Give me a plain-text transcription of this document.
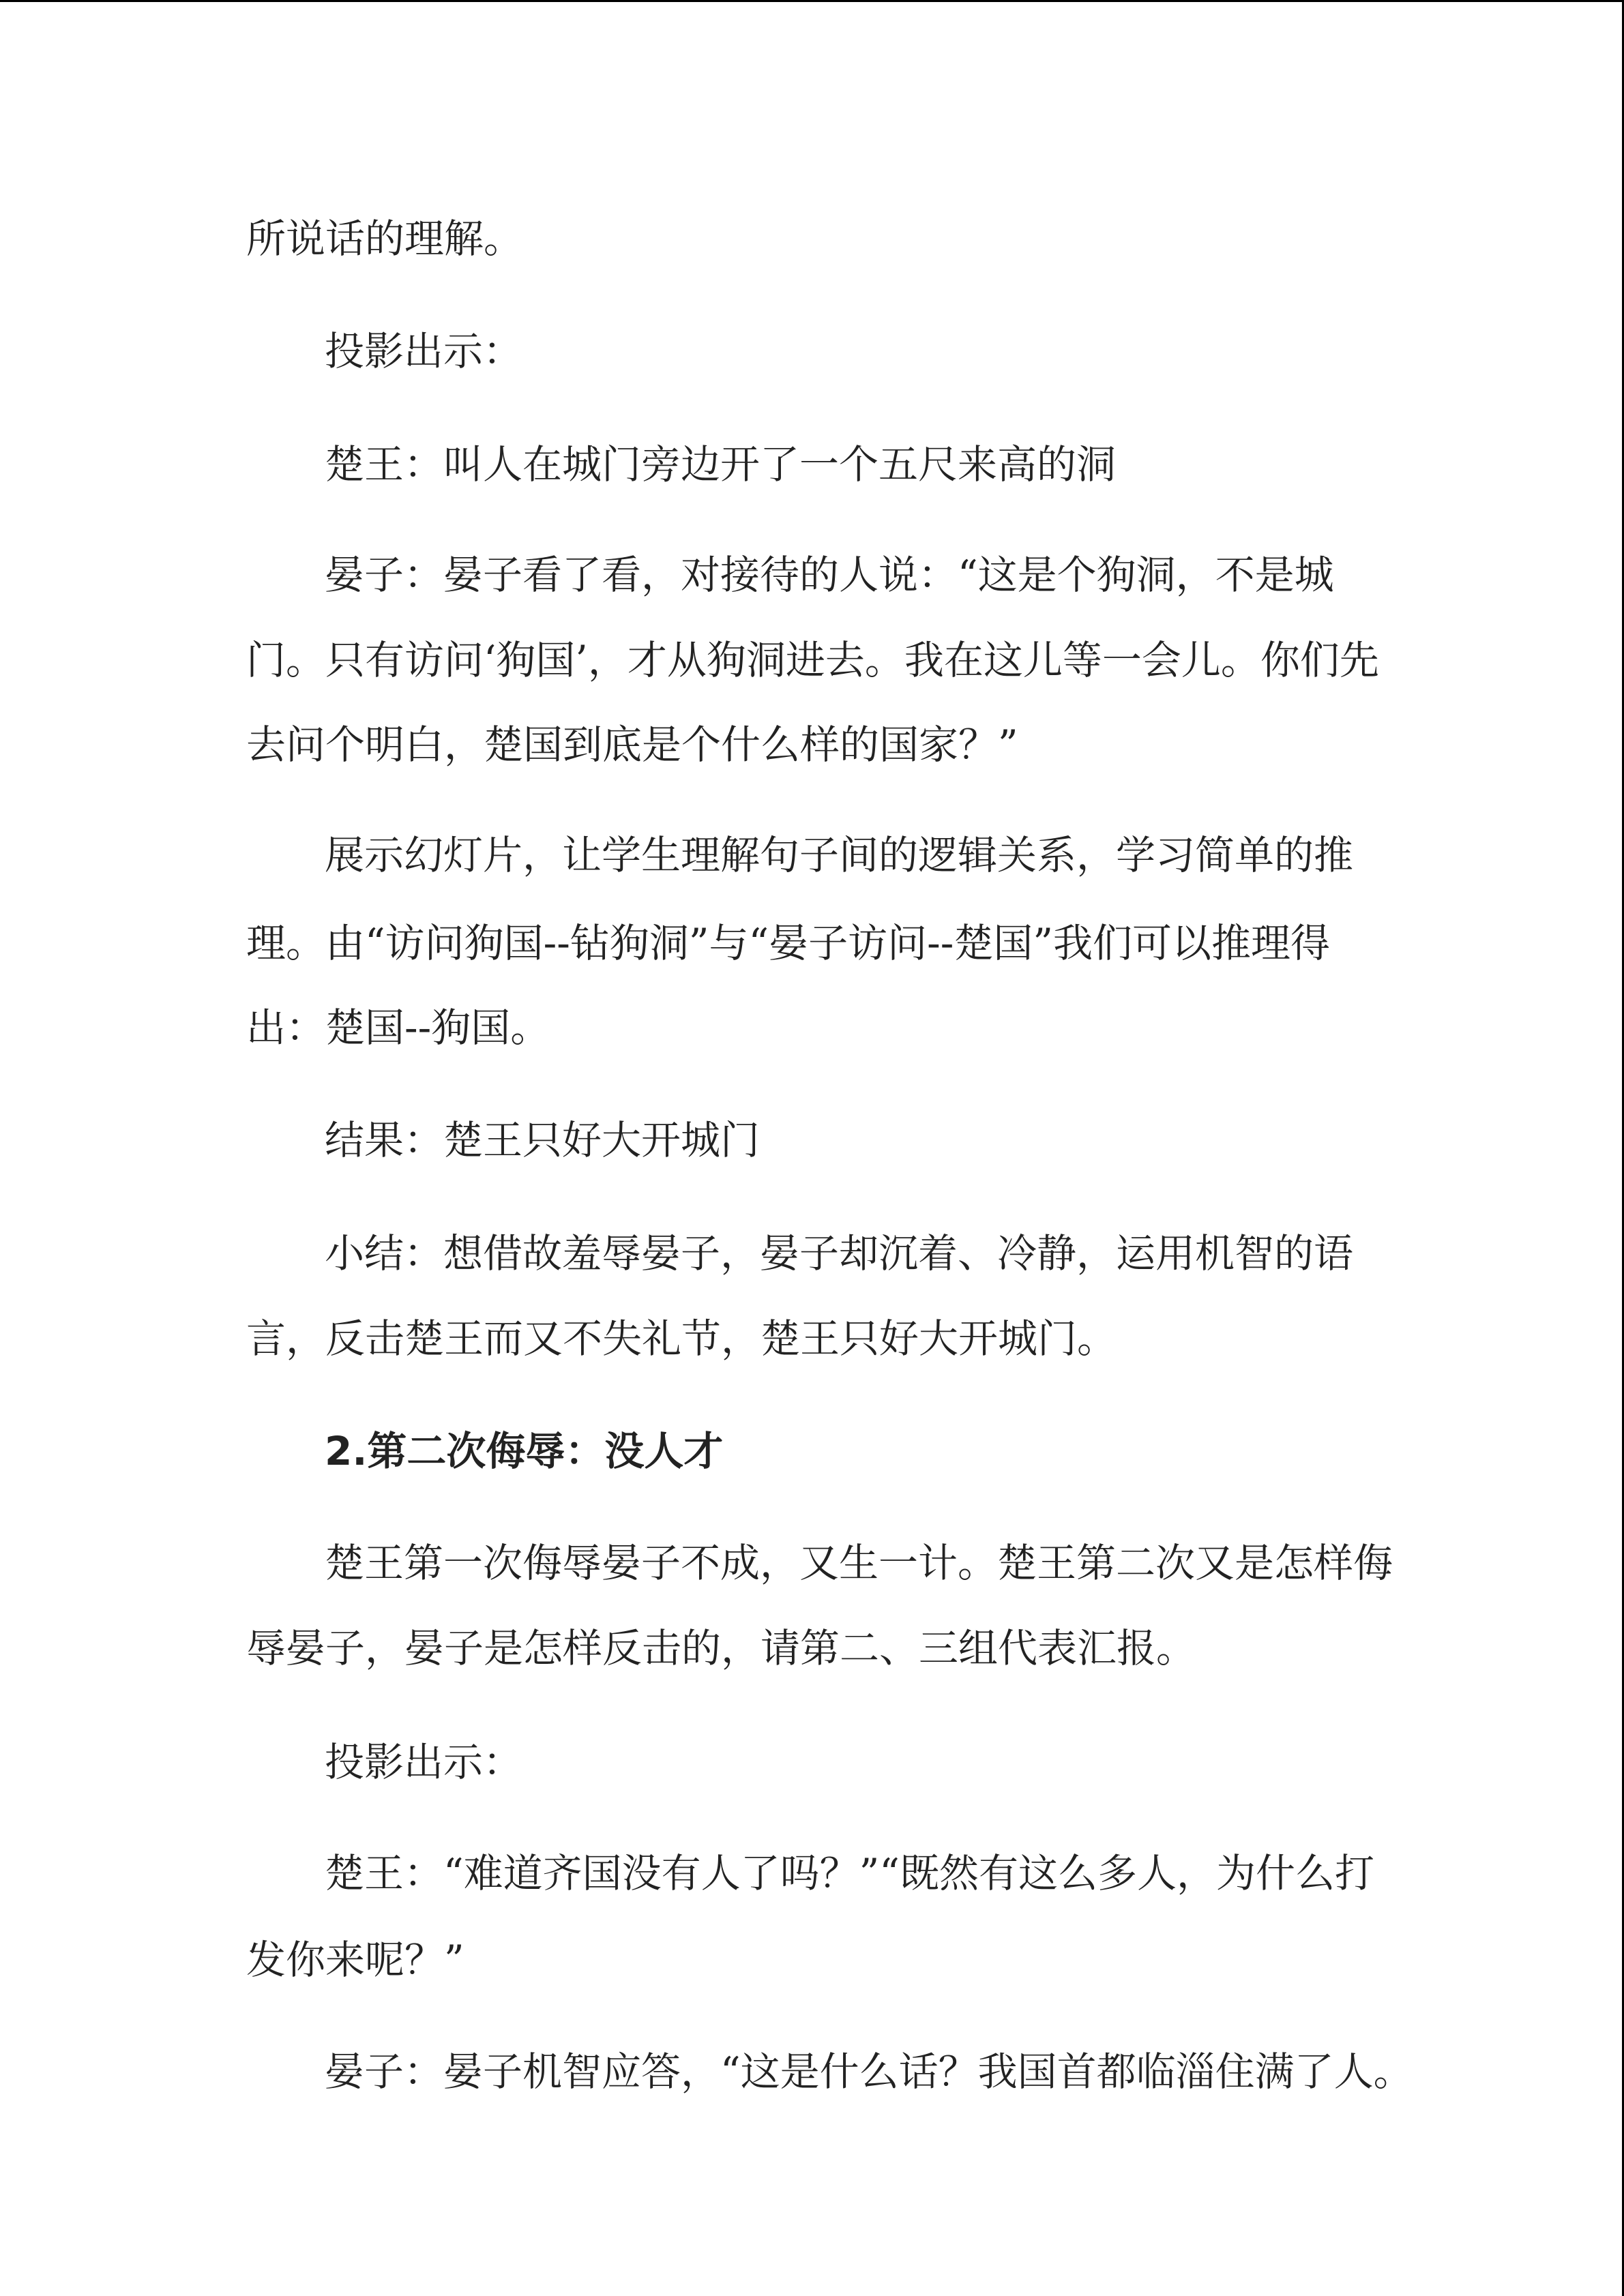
所说话的理解。
投影出示：
楚王：叫人在城门旁边开了一个五尺来高的洞
晏子：晏子看了看，对接待的人说：“这是个狗洞，不是城
门。只有访问‘狗国’，才从狗洞进去。我在这儿等一会儿。你们先
去问个明白，楚国到底是个什么样的国家？”
展示幻灯片，让学生理解句子间的逻辑关系，学习简单的推
理。由“访问狗国--钻狗洞”与“晏子访问--楚国”我们可以推理得
出：楚国--狗国。
结果：楚王只好大开城门
小结：想借故羞辱晏子，晏子却沉着、冷静，运用机智的语
言，反击楚王而又不失礼节，楚王只好大开城门。
2.第二次侮辱：没人才
楚王第一次侮辱晏子不成，又生一计。楚王第二次又是怎样侮
辱晏子，晏子是怎样反击的，请第二、三组代表汇报。
投影出示：
楚王：“难道齐国没有人了吗？”“既然有这么多人，为什么打
发你来呢？”
晏子：晏子机智应答，“这是什么话？我国首都临淄住满了人。
